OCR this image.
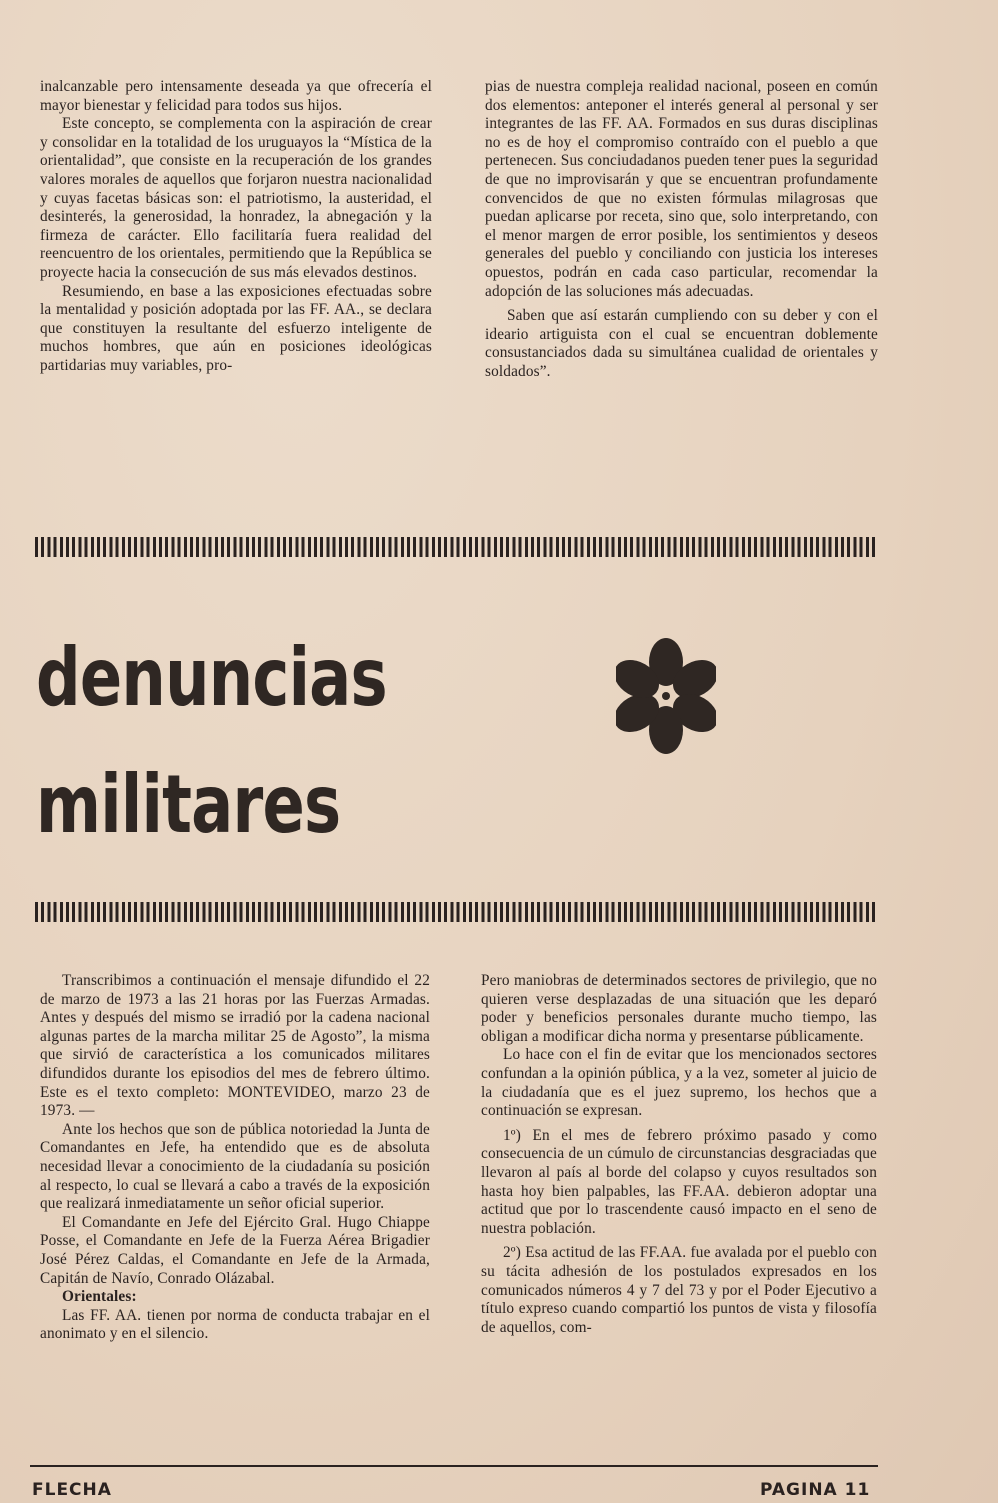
inalcanzable pero intensamente deseada ya que ofrecería el mayor bienestar y felicidad para todos sus hijos.

Este concepto, se complementa con la aspiración de crear y consolidar en la totalidad de los uruguayos la “Mística de la orientalidad”, que consiste en la recuperación de los grandes valores morales de aquellos que forjaron nuestra nacionalidad y cuyas facetas básicas son: el patriotismo, la austeridad, el desinterés, la generosidad, la honradez, la abnegación y la firmeza de carácter. Ello facilitaría fuera realidad del reencuentro de los orientales, permitiendo que la República se proyecte hacia la consecución de sus más elevados destinos.

Resumiendo, en base a las exposiciones efectuadas sobre la mentalidad y posición adoptada por las FF. AA., se declara que constituyen la resultante del esfuerzo inteligente de muchos hombres, que aún en posiciones ideológicas partidarias muy variables, pro-

pias de nuestra compleja realidad nacional, poseen en común dos elementos: anteponer el interés general al personal y ser integrantes de las FF. AA. Formados en sus duras disciplinas no es de hoy el compromiso contraído con el pueblo a que pertenecen. Sus conciudadanos pueden tener pues la seguridad de que no improvisarán y que se encuentran profundamente convencidos de que no existen fórmulas milagrosas que puedan aplicarse por receta, sino que, solo interpretando, con el menor margen de error posible, los sentimientos y deseos generales del pueblo y conciliando con justicia los intereses opuestos, podrán en cada caso particular, recomendar la adopción de las soluciones más adecuadas.

Saben que así estarán cumpliendo con su deber y con el ideario artiguista con el cual se encuentran doblemente consustanciados dada su simultánea cualidad de orientales y soldados”.

denuncias
militares

Transcribimos a continuación el mensaje difundido el 22 de marzo de 1973 a las 21 horas por las Fuerzas Armadas. Antes y después del mismo se irradió por la cadena nacional algunas partes de la marcha militar 25 de Agosto”, la misma que sirvió de característica a los comunicados militares difundidos durante los episodios del mes de febrero último. Este es el texto completo: MONTEVIDEO, marzo 23 de 1973. —

Ante los hechos que son de pública notoriedad la Junta de Comandantes en Jefe, ha entendido que es de absoluta necesidad llevar a conocimiento de la ciudadanía su posición al respecto, lo cual se llevará a cabo a través de la exposición que realizará inmediatamente un señor oficial superior.

El Comandante en Jefe del Ejército Gral. Hugo Chiappe Posse, el Comandante en Jefe de la Fuerza Aérea Brigadier José Pérez Caldas, el Comandante en Jefe de la Armada, Capitán de Navío, Conrado Olázabal.

Orientales:

Las FF. AA. tienen por norma de conducta trabajar en el anonimato y en el silencio.

Pero maniobras de determinados sectores de privilegio, que no quieren verse desplazadas de una situación que les deparó poder y beneficios personales durante mucho tiempo, las obligan a modificar dicha norma y presentarse públicamente.

Lo hace con el fin de evitar que los mencionados sectores confundan a la opinión pública, y a la vez, someter al juicio de la ciudadanía que es el juez supremo, los hechos que a continuación se expresan.

1º) En el mes de febrero próximo pasado y como consecuencia de un cúmulo de circunstancias desgraciadas que llevaron al país al borde del colapso y cuyos resultados son hasta hoy bien palpables, las FF.AA. debieron adoptar una actitud que por lo trascendente causó impacto en el seno de nuestra población.

2º) Esa actitud de las FF.AA. fue avalada por el pueblo con su tácita adhesión de los postulados expresados en los comunicados números 4 y 7 del 73 y por el Poder Ejecutivo a título expreso cuando compartió los puntos de vista y filosofía de aquellos, com-

FLECHA	PAGINA 11
